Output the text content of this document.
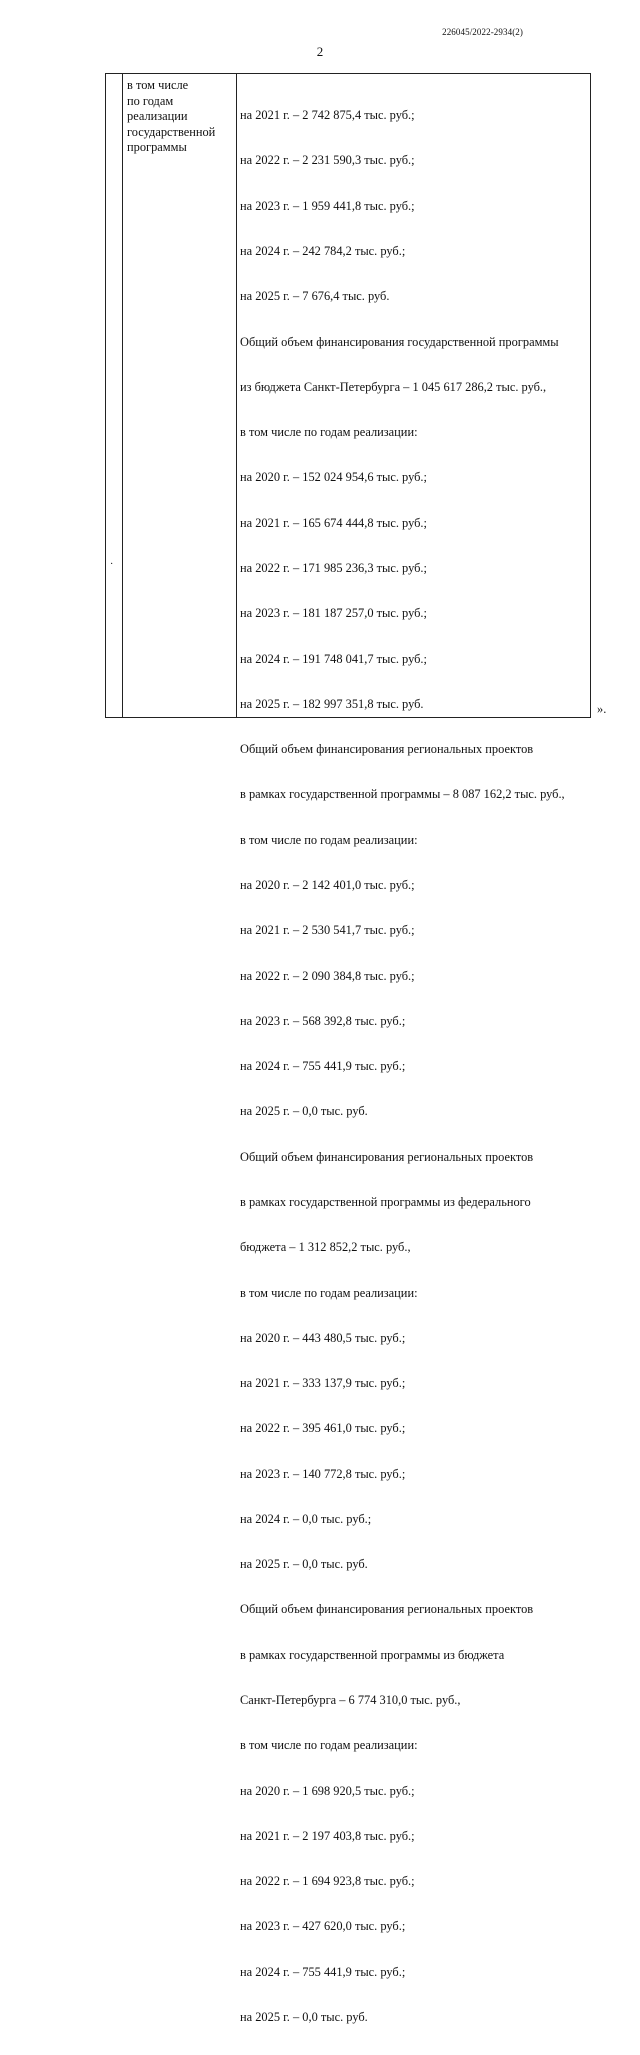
226045/2022-2934(2)
2
в том числе
по годам
реализации
государственной
программы

на 2021 г. – 2 742 875,4 тыс. руб.;

на 2022 г. – 2 231 590,3 тыс. руб.;

на 2023 г. – 1 959 441,8 тыс. руб.;

на 2024 г. – 242 784,2 тыс. руб.;

на 2025 г. – 7 676,4 тыс. руб.

Общий объем финансирования государственной программы

из бюджета Санкт-Петербурга – 1 045 617 286,2 тыс. руб.,

в том числе по годам реализации:

на 2020 г. – 152 024 954,6 тыс. руб.;

на 2021 г. – 165 674 444,8 тыс. руб.;

на 2022 г. – 171 985 236,3 тыс. руб.;

на 2023 г. – 181 187 257,0 тыс. руб.;

на 2024 г. – 191 748 041,7 тыс. руб.;

на 2025 г. – 182 997 351,8 тыс. руб.

Общий объем финансирования региональных проектов

в рамках государственной программы – 8 087 162,2 тыс. руб.,

в том числе по годам реализации:

на 2020 г. – 2 142 401,0 тыс. руб.;

на 2021 г. – 2 530 541,7 тыс. руб.;

на 2022 г. – 2 090 384,8 тыс. руб.;

на 2023 г. – 568 392,8 тыс. руб.;

на 2024 г. – 755 441,9 тыс. руб.;

на 2025 г. – 0,0 тыс. руб.

Общий объем финансирования региональных проектов

в рамках государственной программы из федерального

бюджета – 1 312 852,2 тыс. руб.,

в том числе по годам реализации:

на 2020 г. – 443 480,5 тыс. руб.;

на 2021 г. – 333 137,9 тыс. руб.;

на 2022 г. – 395 461,0 тыс. руб.;

на 2023 г. – 140 772,8 тыс. руб.;

на 2024 г. – 0,0 тыс. руб.;

на 2025 г. – 0,0 тыс. руб.

Общий объем финансирования региональных проектов

в рамках государственной программы из бюджета

Санкт-Петербурга – 6 774 310,0 тыс. руб.,

в том числе по годам реализации:

на 2020 г. – 1 698 920,5 тыс. руб.;

на 2021 г. – 2 197 403,8 тыс. руб.;

на 2022 г. – 1 694 923,8 тыс. руб.;

на 2023 г. – 427 620,0 тыс. руб.;

на 2024 г. – 755 441,9 тыс. руб.;

на 2025 г. – 0,0 тыс. руб.

·
».
